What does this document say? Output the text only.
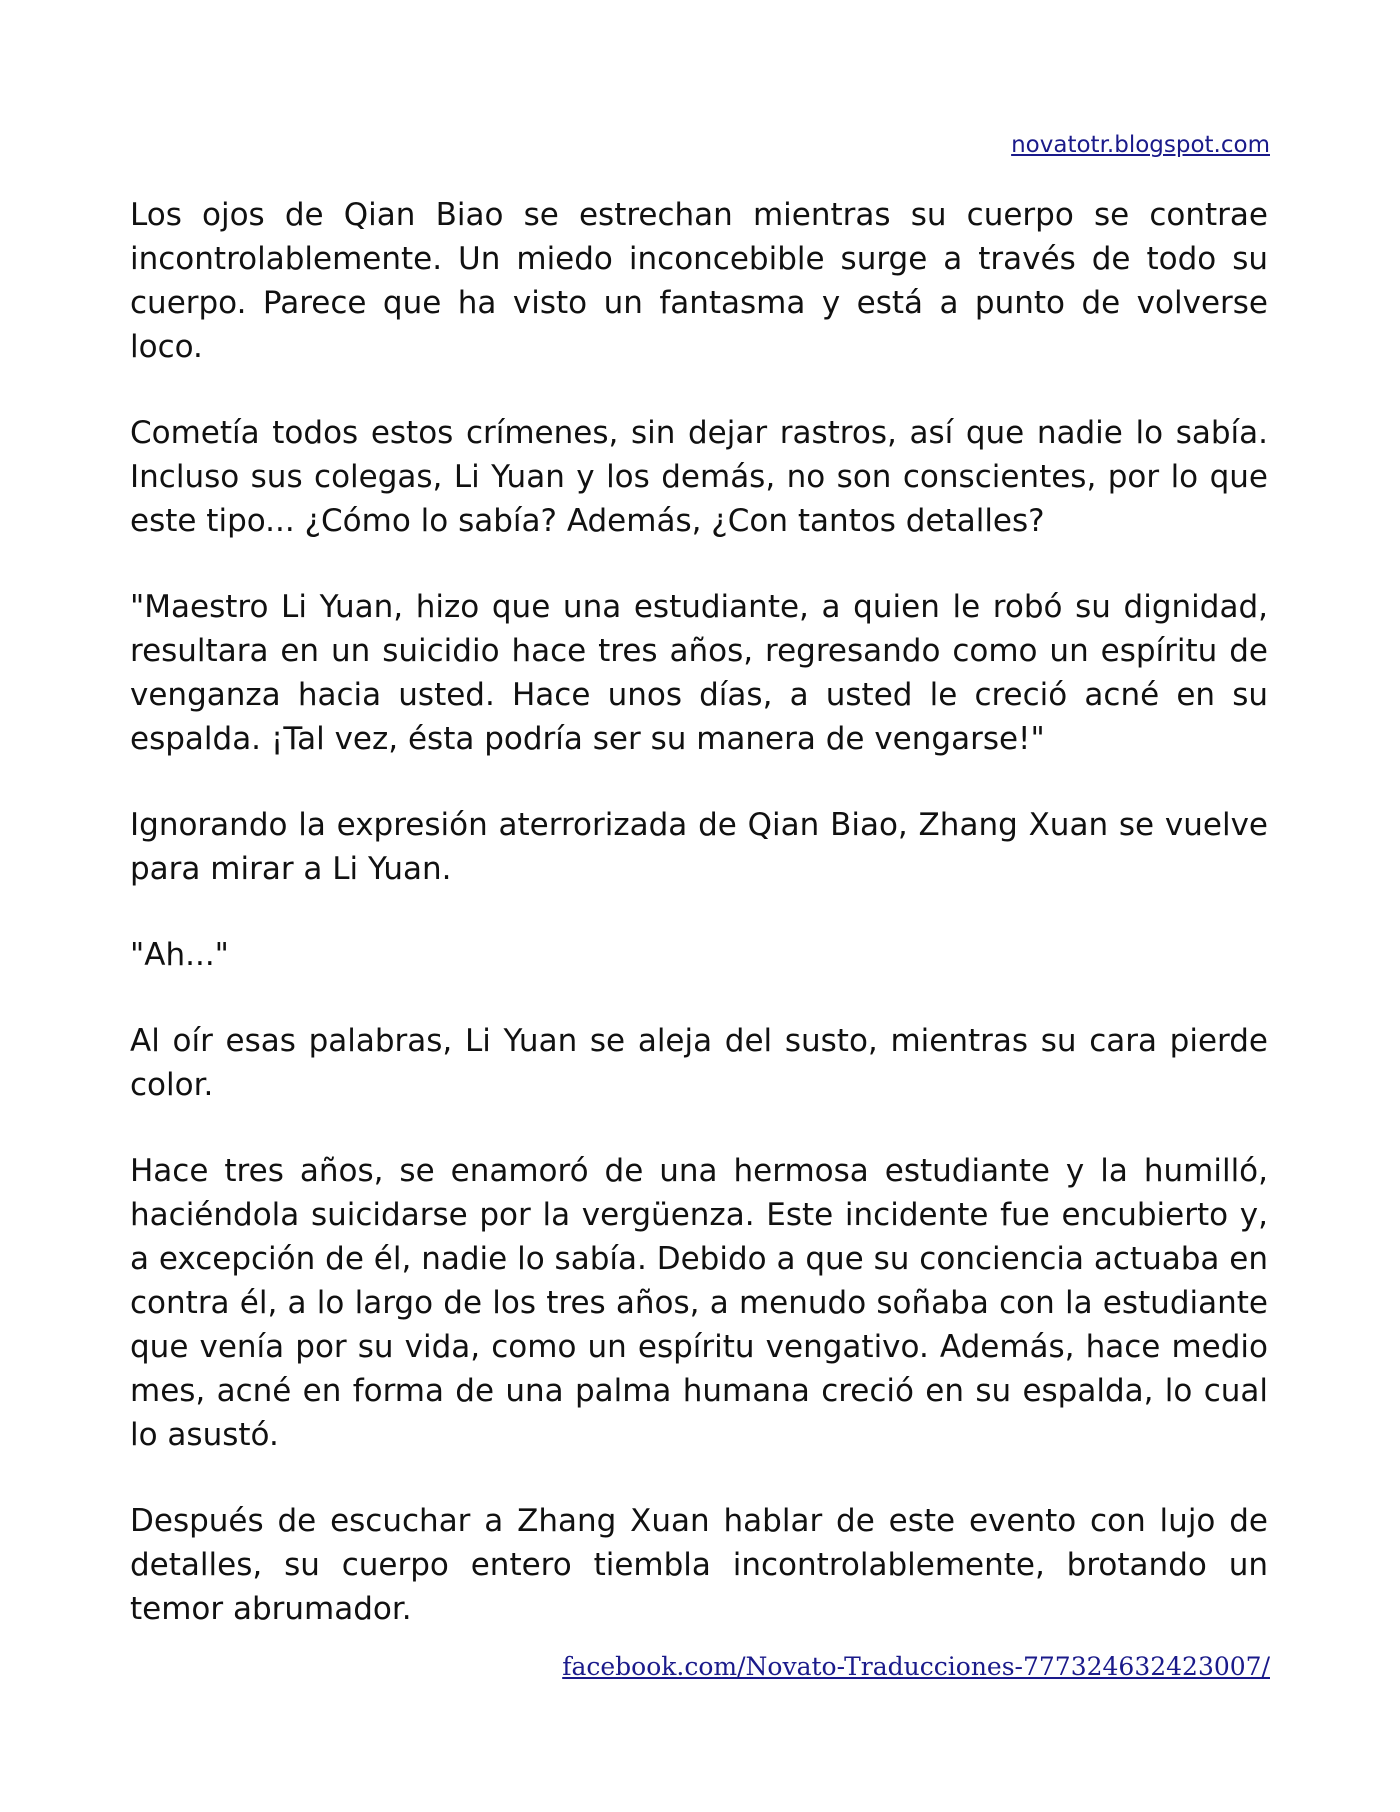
novatotr.blogspot.com

Los ojos de Qian Biao se estrechan mientras su cuerpo se contrae incontrolablemente. Un miedo inconcebible surge a través de todo su cuerpo. Parece que ha visto un fantasma y está a punto de volverse loco.

Cometía todos estos crímenes, sin dejar rastros, así que nadie lo sabía. Incluso sus colegas, Li Yuan y los demás, no son conscientes, por lo que este tipo... ¿Cómo lo sabía? Además, ¿Con tantos detalles?

"Maestro Li Yuan, hizo que una estudiante, a quien le robó su dignidad, resultara en un suicidio hace tres años, regresando como un espíritu de venganza hacia usted. Hace unos días, a usted le creció acné en su espalda. ¡Tal vez, ésta podría ser su manera de vengarse!"

Ignorando la expresión aterrorizada de Qian Biao, Zhang Xuan se vuelve para mirar a Li Yuan.

"Ah..."

Al oír esas palabras, Li Yuan se aleja del susto, mientras su cara pierde color.

Hace tres años, se enamoró de una hermosa estudiante y la humilló, haciéndola suicidarse por la vergüenza. Este incidente fue encubierto y, a excepción de él, nadie lo sabía. Debido a que su conciencia actuaba en contra él, a lo largo de los tres años, a menudo soñaba con la estudiante que venía por su vida, como un espíritu vengativo. Además, hace medio mes, acné en forma de una palma humana creció en su espalda, lo cual lo asustó.

Después de escuchar a Zhang Xuan hablar de este evento con lujo de detalles, su cuerpo entero tiembla incontrolablemente, brotando un temor abrumador.

facebook.com/Novato-Traducciones-777324632423007/
